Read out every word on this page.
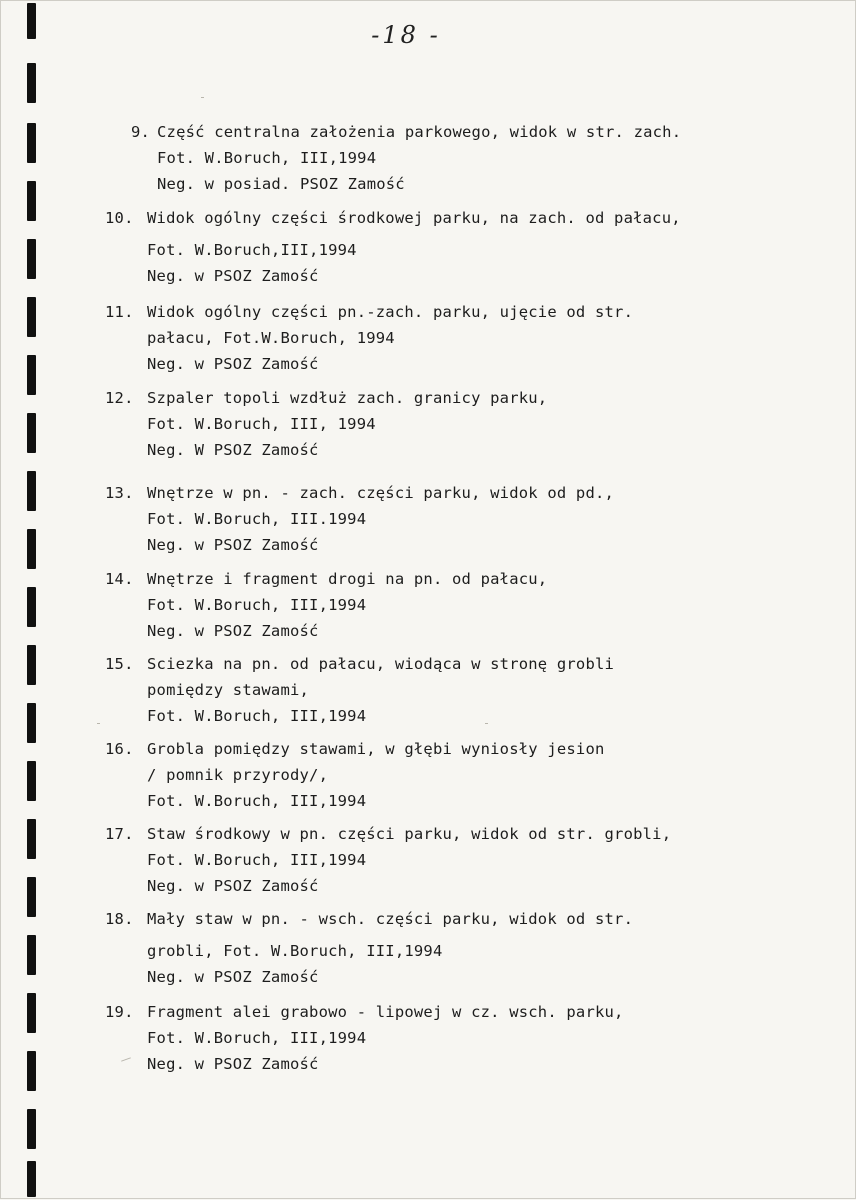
-18 -
9. Część centralna założenia parkowego, widok w str. zach.
Fot. W.Boruch, III,1994
Neg. w posiad. PSOZ Zamość
10. Widok ogólny części środkowej parku, na zach. od pałacu,
Fot. W.Boruch,III,1994
Neg. w PSOZ Zamość
11. Widok ogólny części pn.-zach. parku, ujęcie od str.
pałacu, Fot.W.Boruch, 1994
Neg. w PSOZ Zamość
12. Szpaler topoli wzdłuż zach. granicy parku,
Fot. W.Boruch, III, 1994
Neg. W PSOZ Zamość
13. Wnętrze w pn. - zach. części parku, widok od pd.,
Fot. W.Boruch, III.1994
Neg. w PSOZ Zamość
14. Wnętrze i fragment drogi na pn. od pałacu,
Fot. W.Boruch, III,1994
Neg. w PSOZ Zamość
15. Sciezka na pn. od pałacu, wiodąca w stronę grobli
pomiędzy stawami,
Fot. W.Boruch, III,1994
16. Grobla pomiędzy stawami, w głębi wyniosły jesion
/ pomnik przyrody/,
Fot. W.Boruch, III,1994
17. Staw środkowy w pn. części parku, widok od str. grobli,
Fot. W.Boruch, III,1994
Neg. w PSOZ Zamość
18. Mały staw w pn. - wsch. części parku, widok od str.
grobli, Fot. W.Boruch, III,1994
Neg. w PSOZ Zamość
19. Fragment alei grabowo - lipowej w cz. wsch. parku,
Fot. W.Boruch, III,1994
Neg. w PSOZ Zamość
